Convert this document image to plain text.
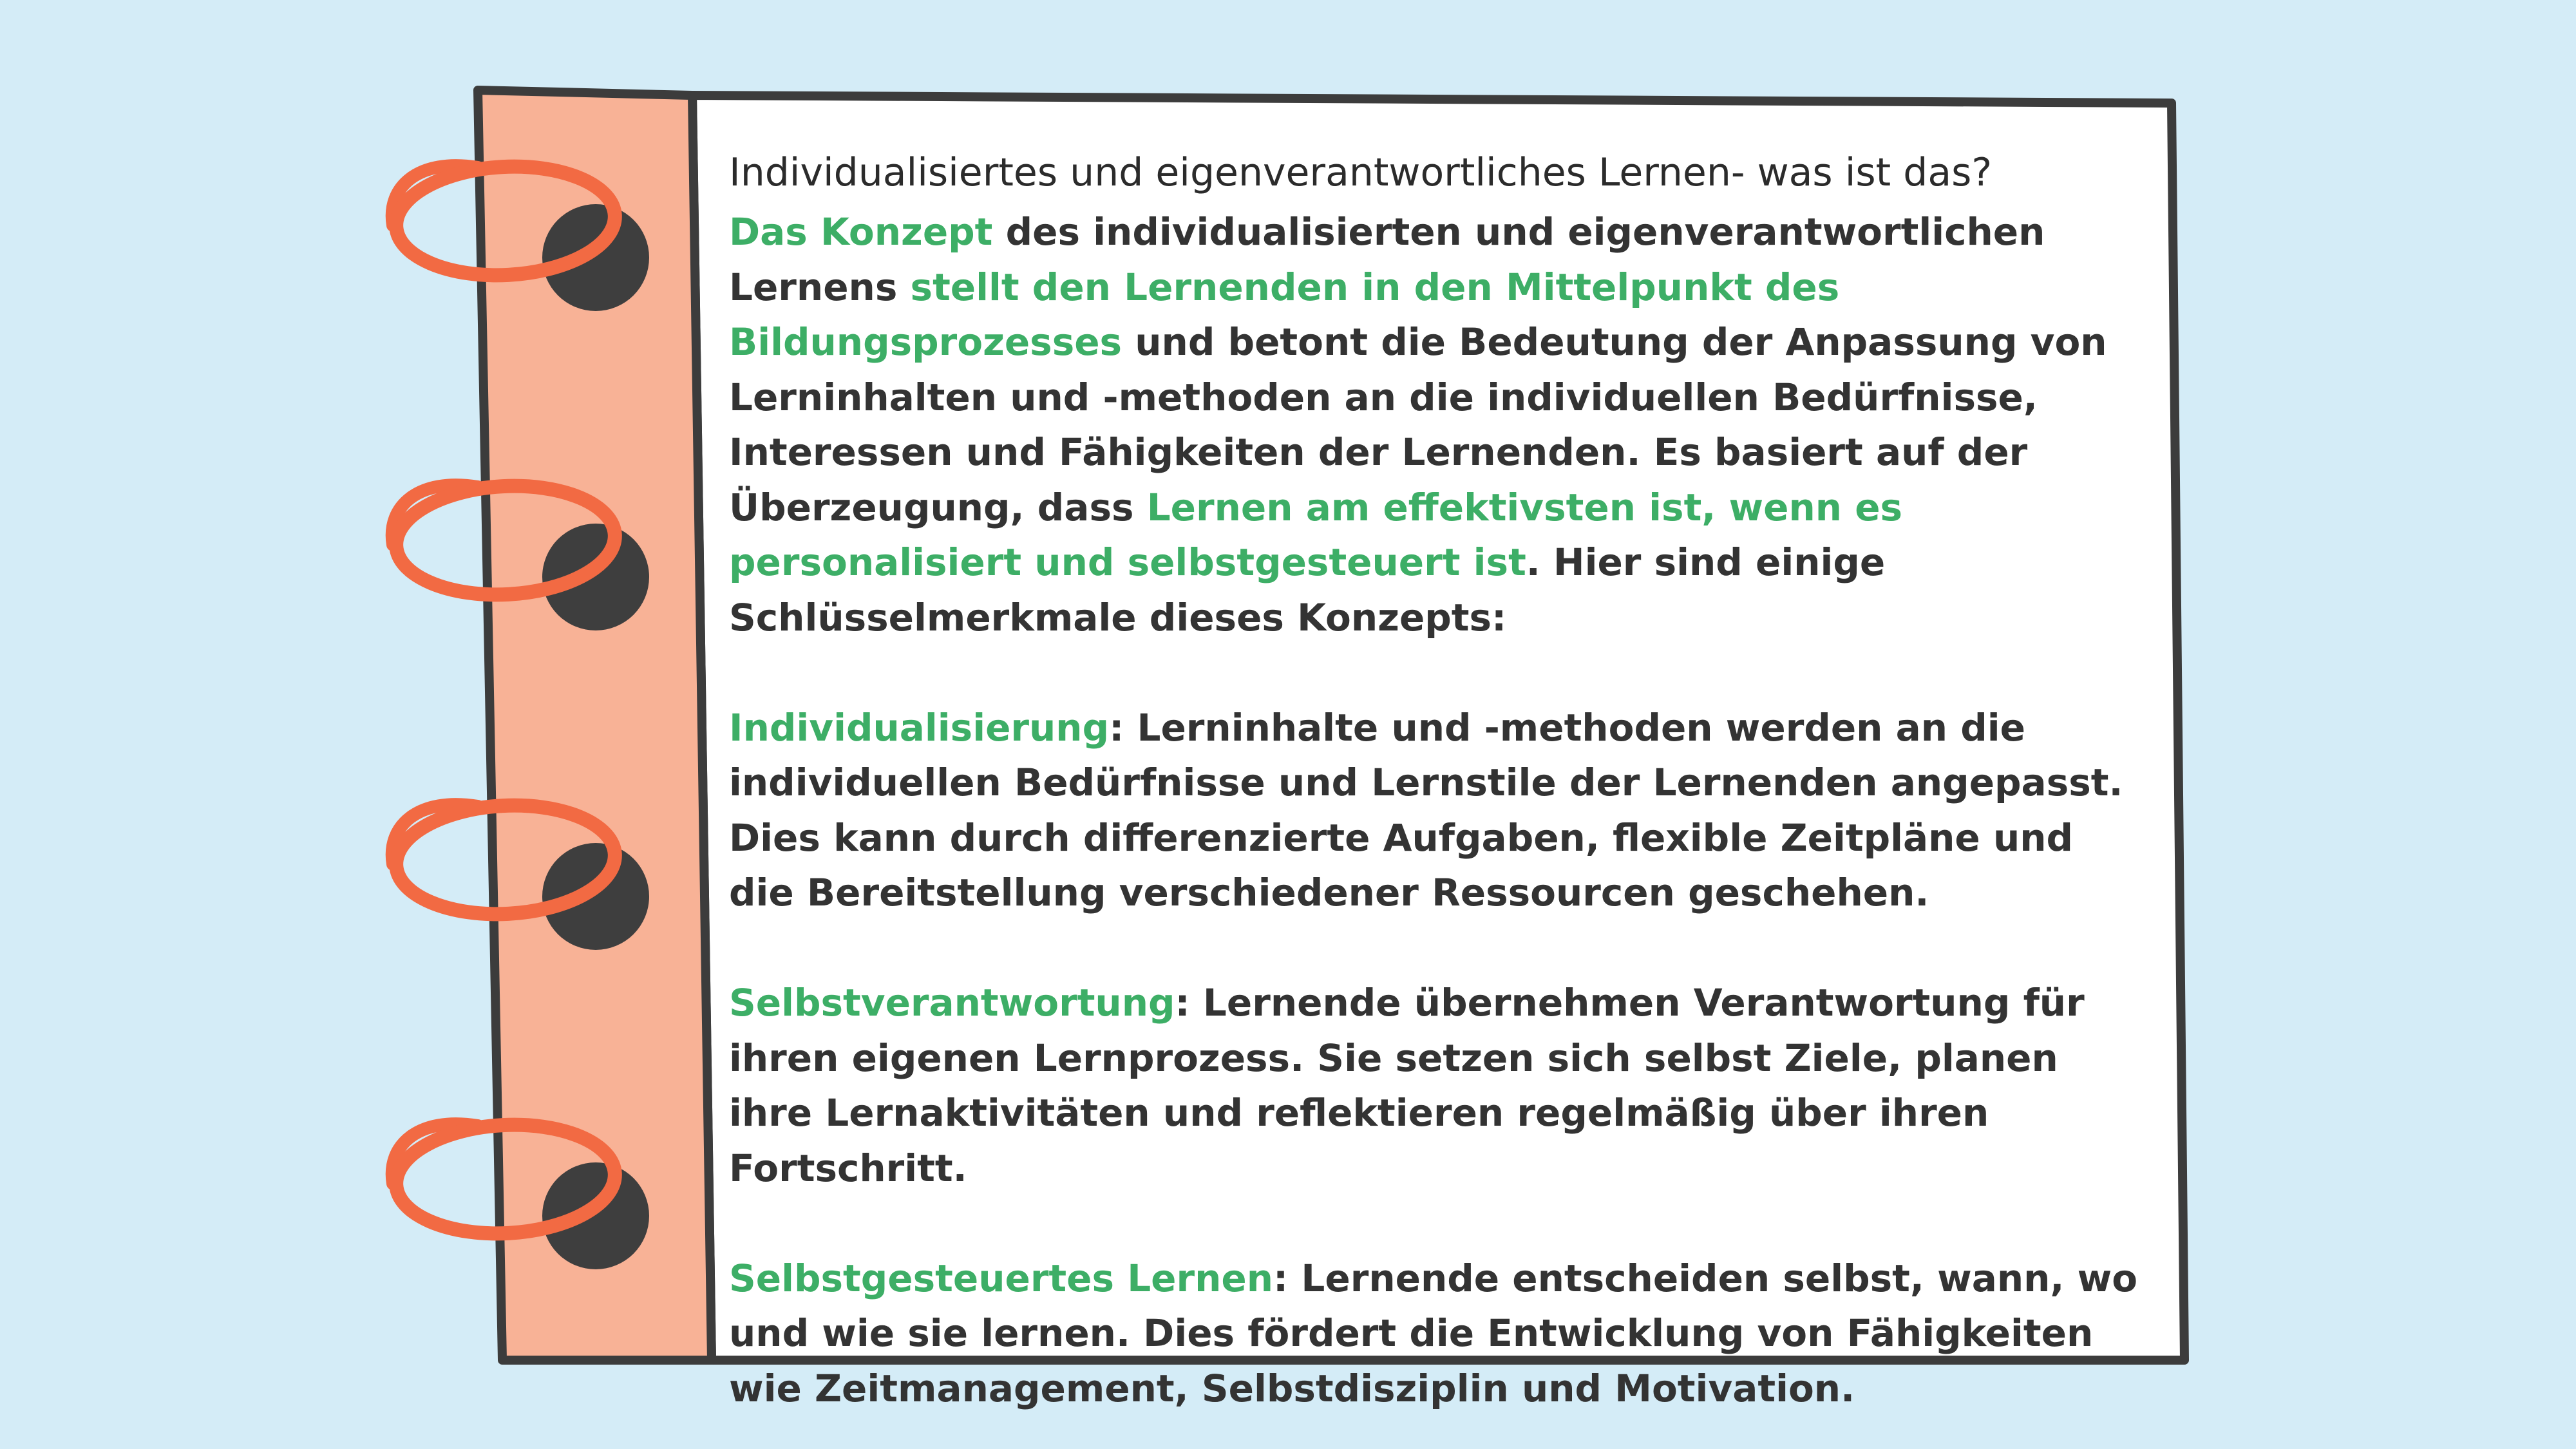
Individualisiertes und eigenverantwortliches Lernen- was ist das?

Das Konzept des individualisierten und eigenverantwortlichen Lernens stellt den Lernenden in den Mittelpunkt des Bildungsprozesses und betont die Bedeutung der Anpassung von Lerninhalten und -methoden an die individuellen Bedürfnisse, Interessen und Fähigkeiten der Lernenden. Es basiert auf der Überzeugung, dass Lernen am effektivsten ist, wenn es personalisiert und selbstgesteuert ist. Hier sind einige Schlüsselmerkmale dieses Konzepts:

Individualisierung: Lerninhalte und -methoden werden an die individuellen Bedürfnisse und Lernstile der Lernenden angepasst. Dies kann durch differenzierte Aufgaben, flexible Zeitpläne und die Bereitstellung verschiedener Ressourcen geschehen.

Selbstverantwortung: Lernende übernehmen Verantwortung für ihren eigenen Lernprozess. Sie setzen sich selbst Ziele, planen ihre Lernaktivitäten und reflektieren regelmäßig über ihren Fortschritt.

Selbstgesteuertes Lernen: Lernende entscheiden selbst, wann, wo und wie sie lernen. Dies fördert die Entwicklung von Fähigkeiten wie Zeitmanagement, Selbstdisziplin und Motivation.
